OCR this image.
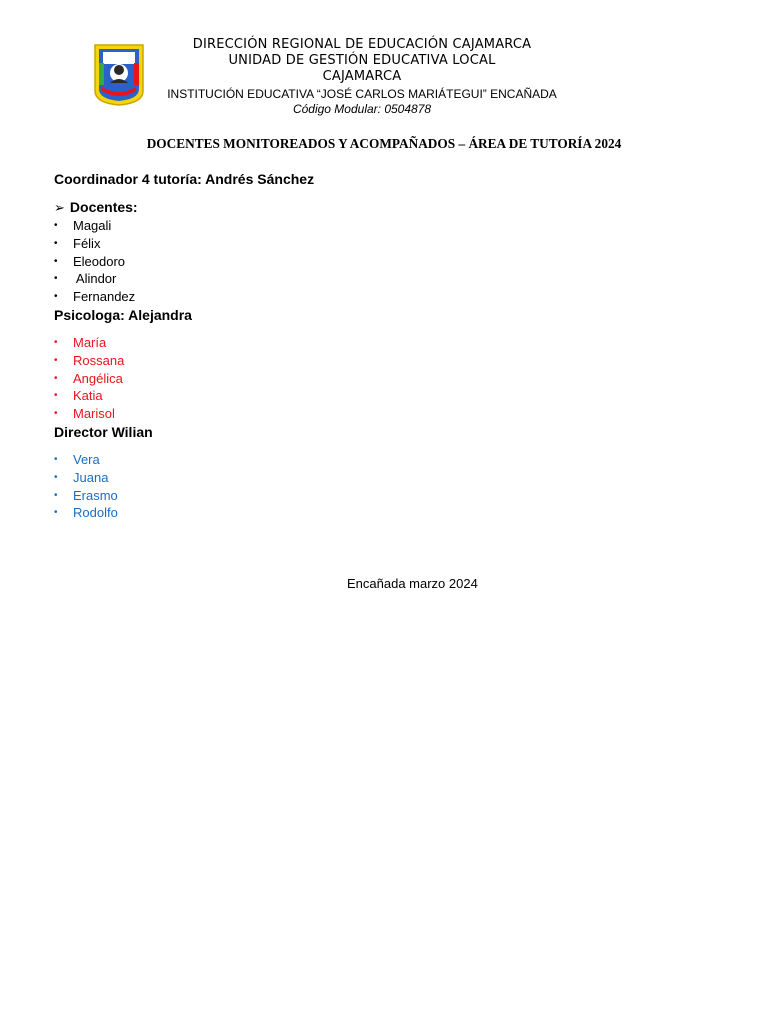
DIRECCIÓN REGIONAL DE EDUCACIÓN CAJAMARCA
UNIDAD DE GESTIÓN EDUCATIVA LOCAL
CAJAMARCA

INSTITUCIÓN EDUCATIVA “JOSÉ CARLOS MARIÁTEGUI” ENCAÑADA

Código Modular: 0504878

DOCENTES MONITOREADOS Y ACOMPAÑADOS – ÁREA DE TUTORÍA 2024

Coordinador 4 tutoría: Andrés Sánchez

➢ Docentes:

• Magali
• Félix
• Eleodoro
• Alindor
• Fernandez

Psicologa: Alejandra

• María
• Rossana
• Angélica
• Katia
• Marisol

Director Wilian

• Vera
• Juana
• Erasmo
• Rodolfo

Encañada marzo 2024
